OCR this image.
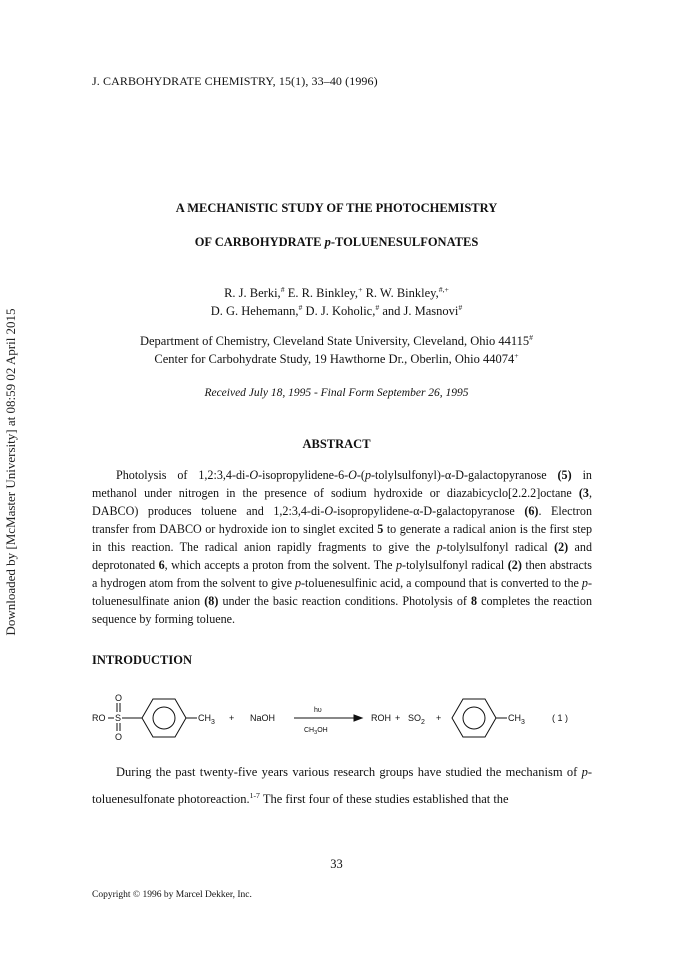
Downloaded by [McMaster University] at 08:59 02 April 2015
J. CARBOHYDRATE CHEMISTRY, 15(1), 33–40 (1996)
A MECHANISTIC STUDY OF THE PHOTOCHEMISTRY
OF CARBOHYDRATE p-TOLUENESULFONATES
R. J. Berki,# E. R. Binkley,+ R. W. Binkley,#,+
D. G. Hehemann,# D. J. Koholic,# and J. Masnovi#
Department of Chemistry, Cleveland State University, Cleveland, Ohio 44115#
Center for Carbohydrate Study, 19 Hawthorne Dr., Oberlin, Ohio 44074+
Received July 18, 1995 - Final Form September 26, 1995
ABSTRACT

Photolysis of 1,2:3,4-di-O-isopropylidene-6-O-(p-tolylsulfonyl)-α-D-galactopyranose (5) in methanol under nitrogen in the presence of sodium hydroxide or diazabicyclo[2.2.2]octane (3, DABCO) produces toluene and 1,2:3,4-di-O-isopropylidene-α-D-galactopyranose (6). Electron transfer from DABCO or hydroxide ion to singlet excited 5 to generate a radical anion is the first step in this reaction. The radical anion rapidly fragments to give the p-tolylsulfonyl radical (2) and deprotonated 6, which accepts a proton from the solvent. The p-tolylsulfonyl radical (2) then abstracts a hydrogen atom from the solvent to give p-toluenesulfinic acid, a compound that is converted to the p-toluenesulfinate anion (8) under the basic reaction conditions. Photolysis of 8 completes the reaction sequence by forming toluene.

INTRODUCTION
RO
O
S
O
$CH_3$ + NaOH
hυ
$CH_3OH$
ROH + $SO_2$ +	$CH_3$	( 1 )

During the past twenty-five years various research groups have studied the mechanism of p-toluenesulfonate photoreaction.$^{1-7}$ The first four of these studies established that the

33
Copyright © 1996 by Marcel Dekker, Inc.
